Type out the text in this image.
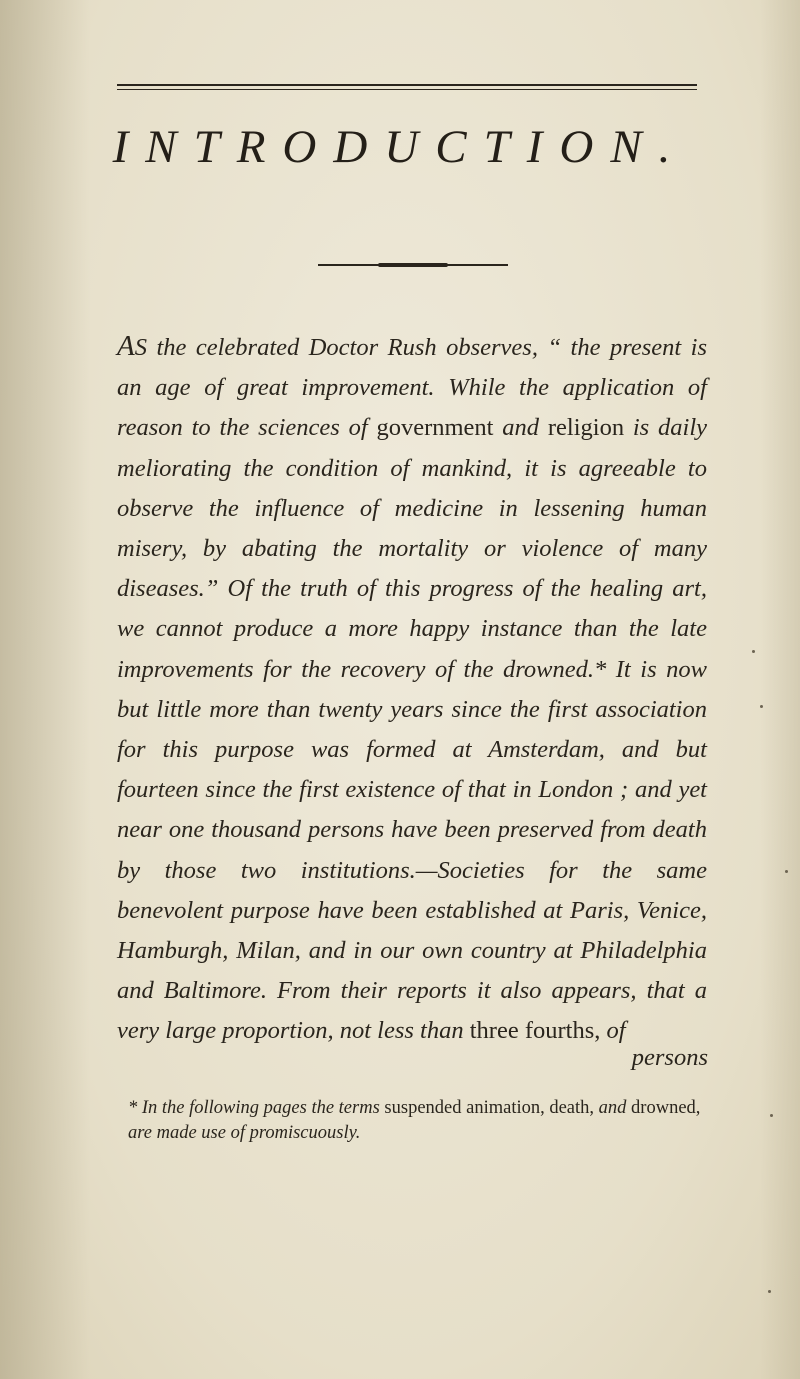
INTRODUCTION.
AS the celebrated Doctor Rush observes, “ the present is an age of great improvement. While the application of reason to the sciences of government and religion is daily meliorating the condition of mankind, it is agreeable to observe the influence of medicine in lessening human misery, by abating the mortality or violence of many diseases.” Of the truth of this progress of the healing art, we cannot produce a more happy instance than the late improvements for the recovery of the drowned.* It is now but little more than twenty years since the first association for this purpose was formed at Amsterdam, and but fourteen since the first existence of that in London ; and yet near one thousand persons have been preserved from death by those two institutions.—Societies for the same benevolent purpose have been established at Paris, Venice, Hamburgh, Milan, and in our own country at Philadelphia and Baltimore. From their reports it also appears, that a very large proportion, not less than three fourths, of
persons
* In the following pages the terms suspended animation, death, and drowned, are made use of promiscuously.
